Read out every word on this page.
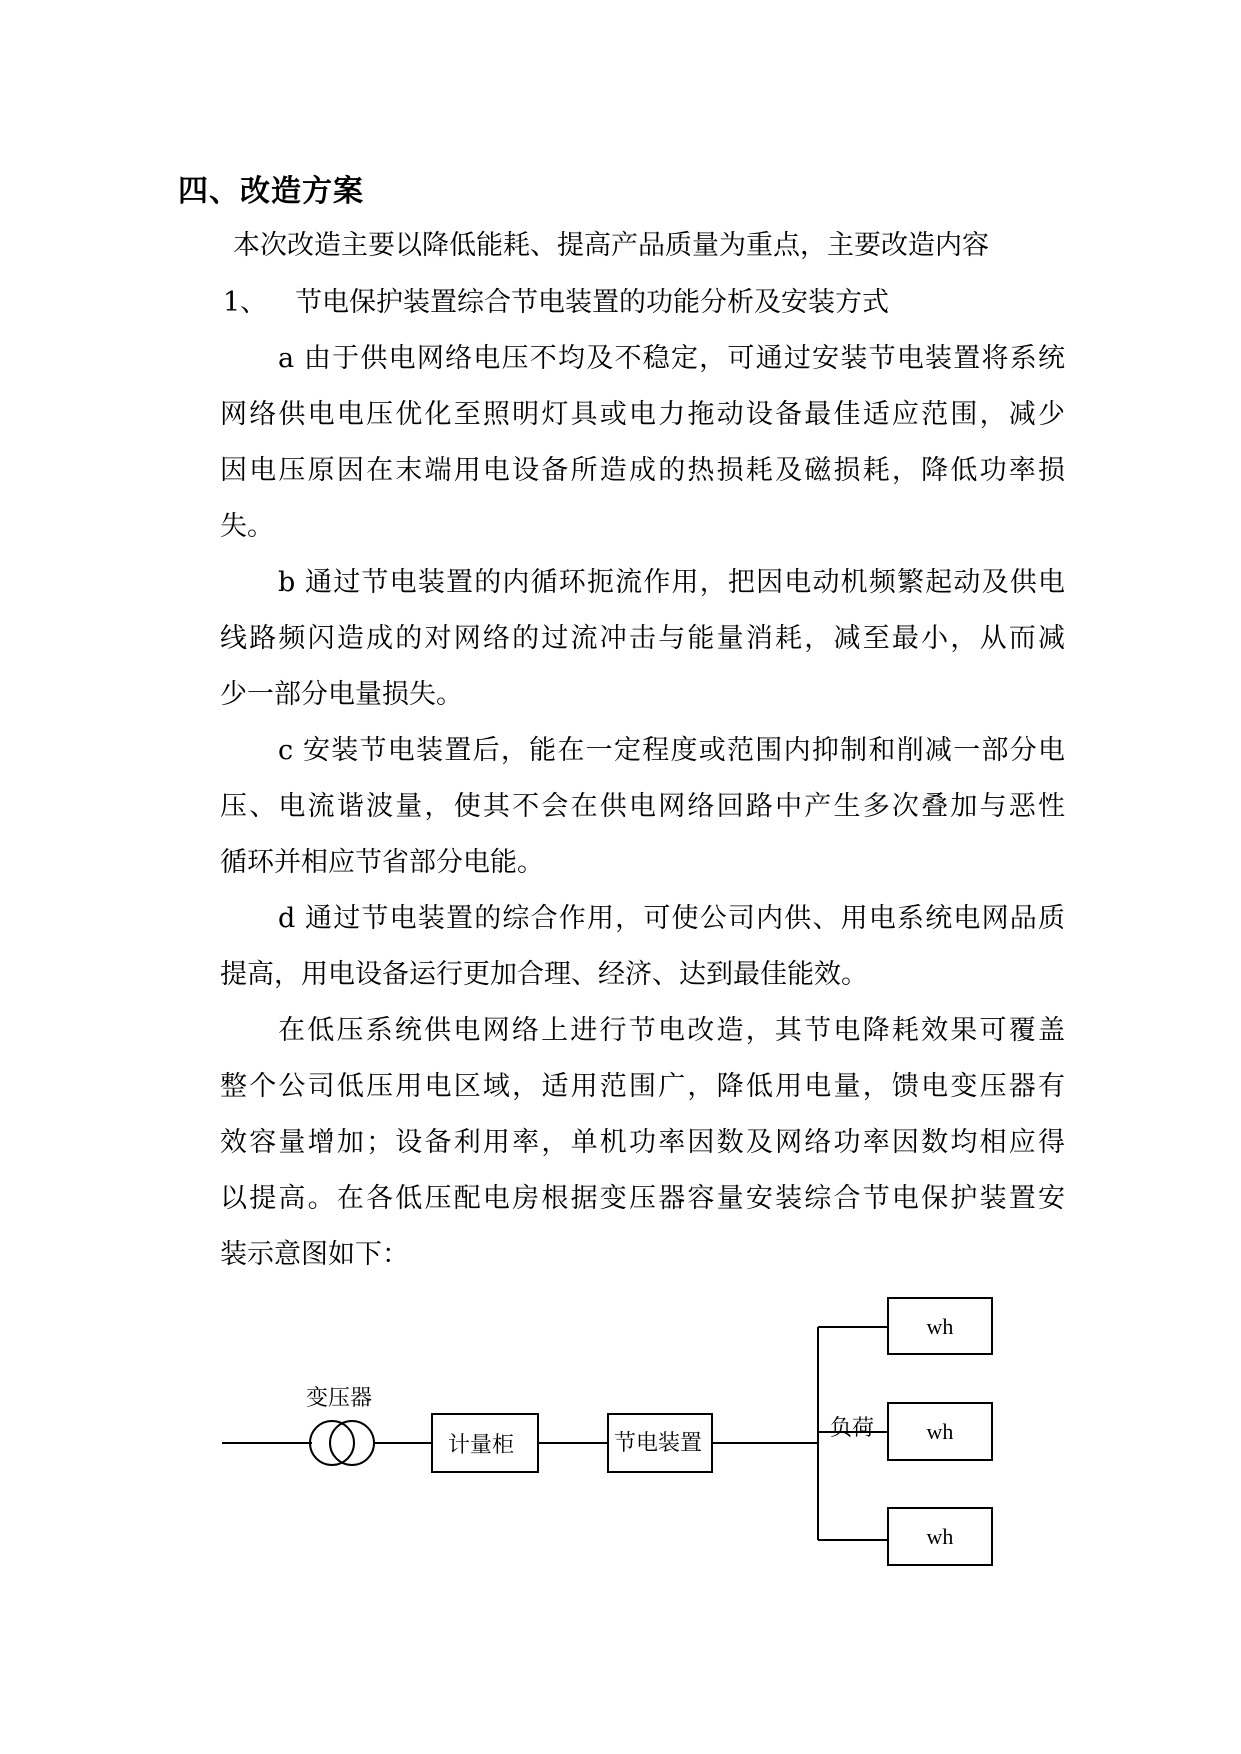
四、改造方案

本次改造主要以降低能耗、提高产品质量为重点，主要改造内容

1、 节电保护装置综合节电装置的功能分析及安装方式

a 由于供电网络电压不均及不稳定，可通过安装节电装置将系统

网络供电电压优化至照明灯具或电力拖动设备最佳适应范围，减少

因电压原因在末端用电设备所造成的热损耗及磁损耗，降低功率损

失。

b 通过节电装置的内循环扼流作用，把因电动机频繁起动及供电

线路频闪造成的对网络的过流冲击与能量消耗，减至最小，从而减

少一部分电量损失。

c 安装节电装置后，能在一定程度或范围内抑制和削减一部分电

压、电流谐波量，使其不会在供电网络回路中产生多次叠加与恶性

循环并相应节省部分电能。

d 通过节电装置的综合作用，可使公司内供、用电系统电网品质

提高，用电设备运行更加合理、经济、达到最佳能效。

在低压系统供电网络上进行节电改造，其节电降耗效果可覆盖

整个公司低压用电区域，适用范围广，降低用电量，馈电变压器有

效容量增加；设备利用率，单机功率因数及网络功率因数均相应得

以提高。在各低压配电房根据变压器容量安装综合节电保护装置安

装示意图如下：

变压器
计量柜	节电装置
负荷
wh
wh
wh
